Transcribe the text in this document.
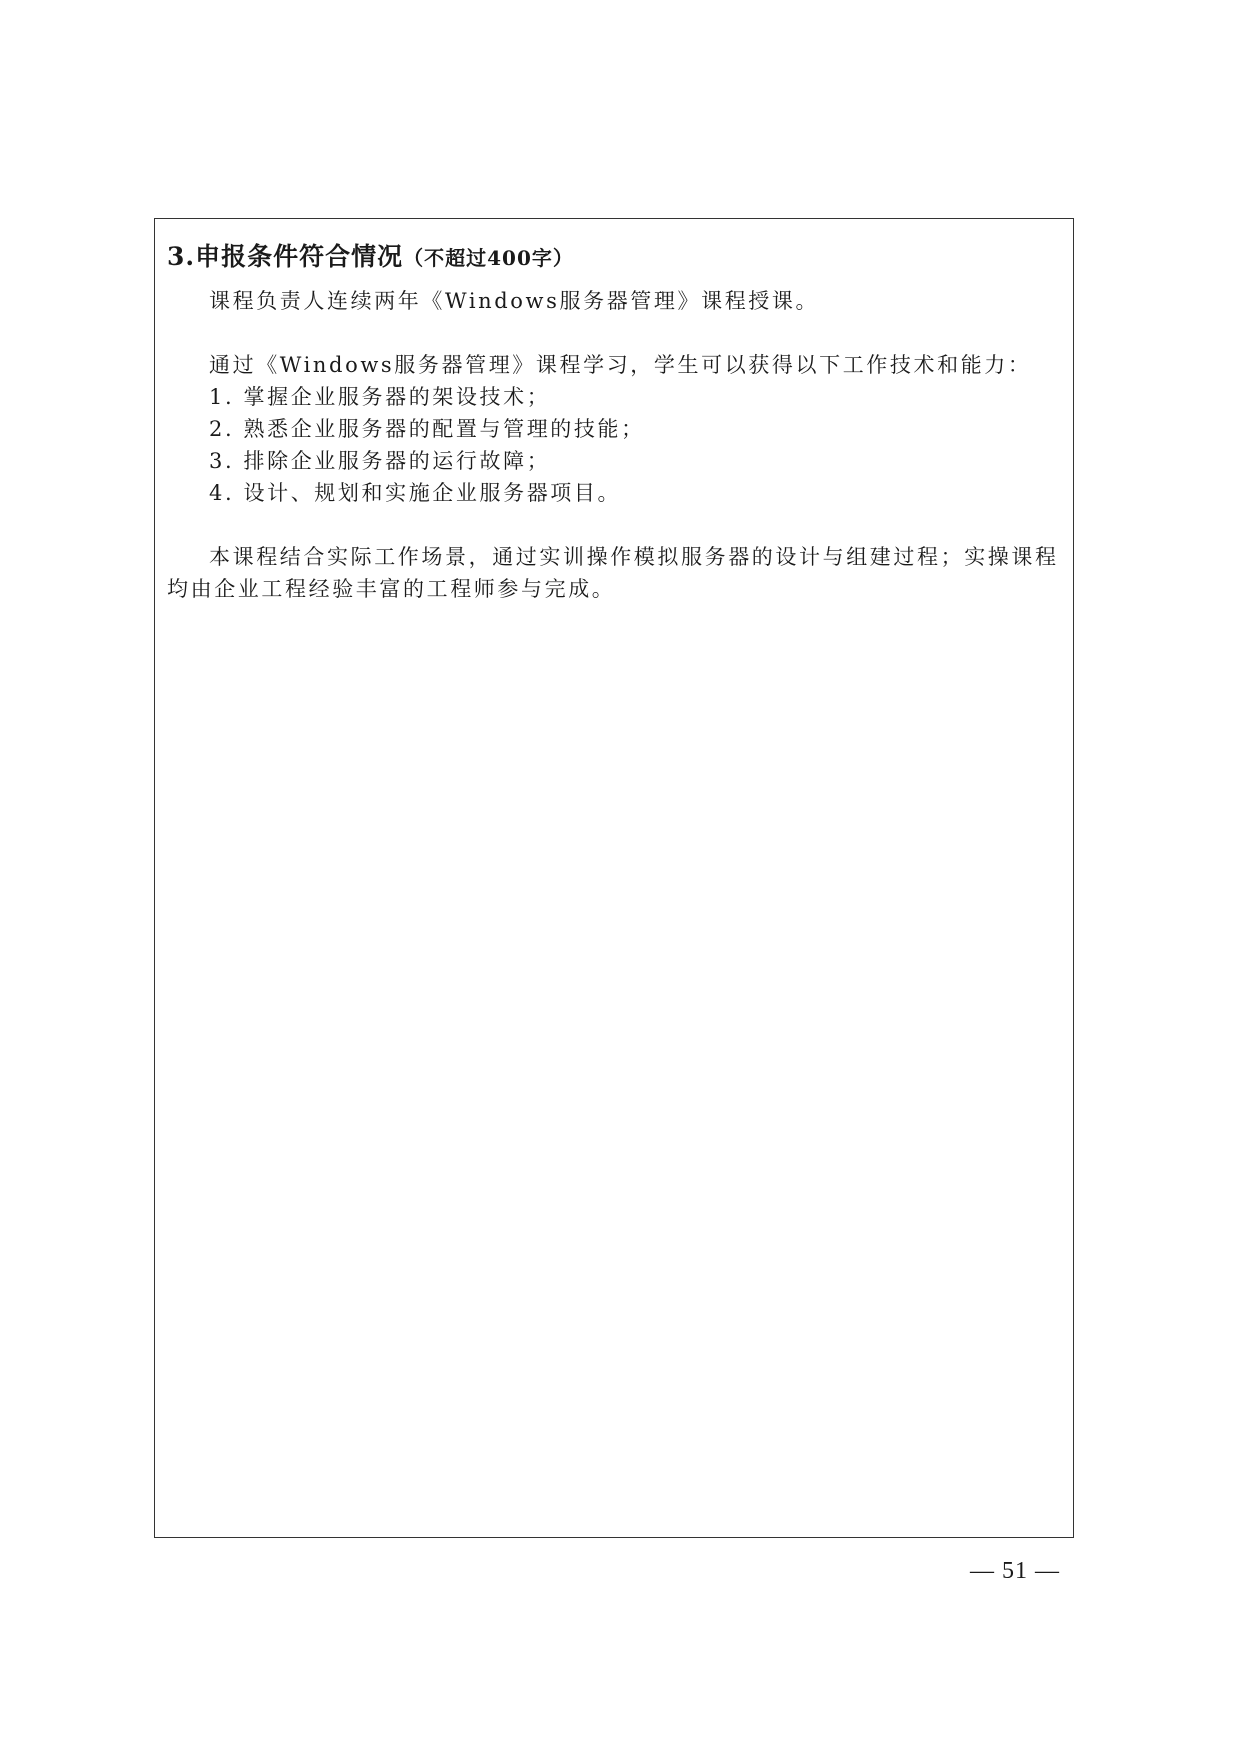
3.申报条件符合情况（不超过400字）

课程负责人连续两年《Windows服务器管理》课程授课。

通过《Windows服务器管理》课程学习，学生可以获得以下工作技术和能力：

1. 掌握企业服务器的架设技术；
2. 熟悉企业服务器的配置与管理的技能；
3. 排除企业服务器的运行故障；
4. 设计、规划和实施企业服务器项目。

本课程结合实际工作场景，通过实训操作模拟服务器的设计与组建过程；实操课程均由企业工程经验丰富的工程师参与完成。

— 51 —
